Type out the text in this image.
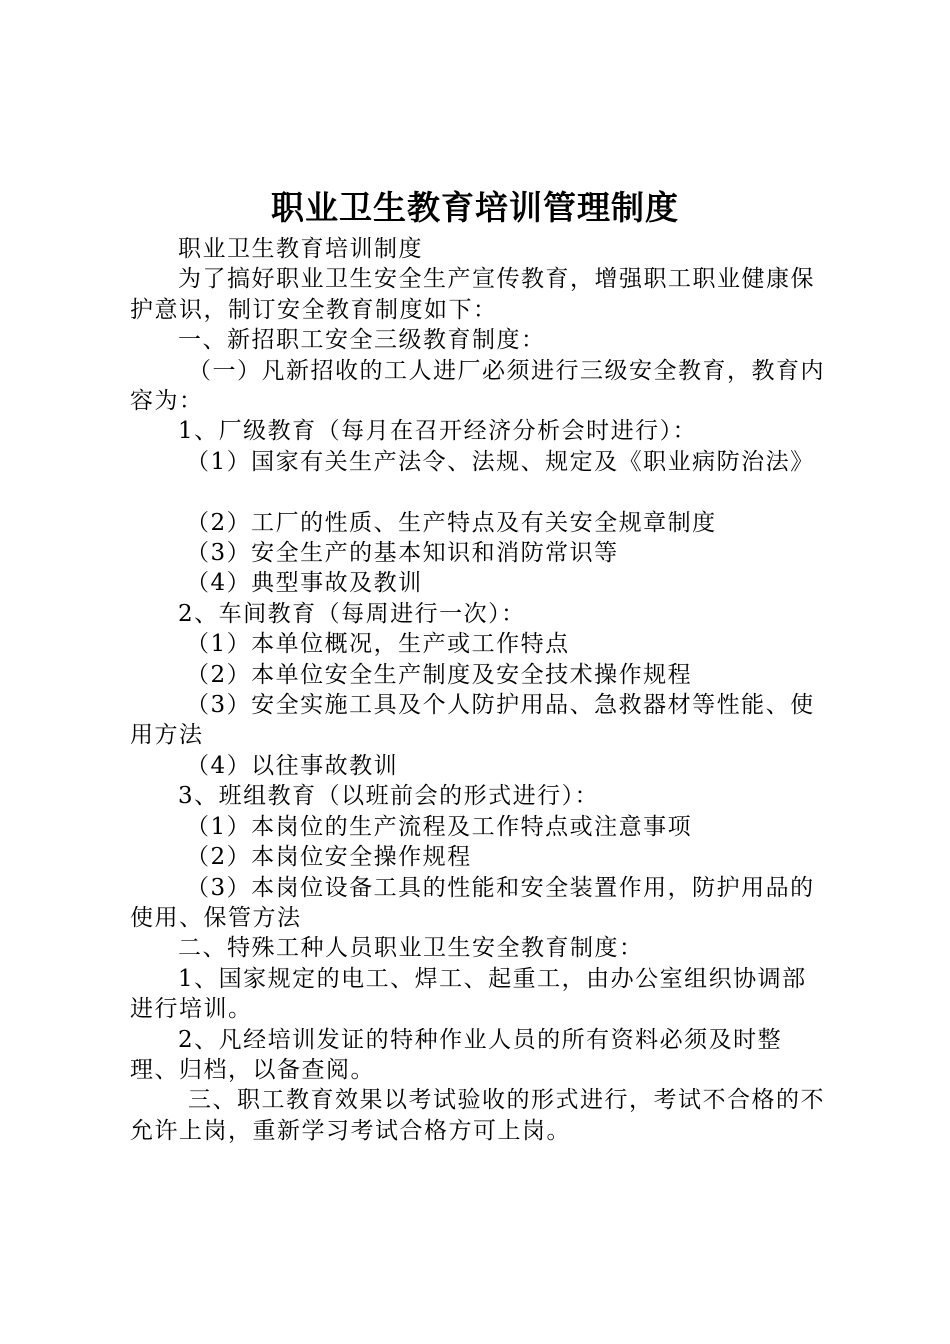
职业卫生教育培训管理制度

职业卫生教育培训制度

为了搞好职业卫生安全生产宣传教育，增强职工职业健康保护意识，制订安全教育制度如下：

一、新招职工安全三级教育制度：

（一）凡新招收的工人进厂必须进行三级安全教育，教育内容为：

1、厂级教育（每月在召开经济分析会时进行）：

（1）国家有关生产法令、法规、规定及《职业病防治法》

（2）工厂的性质、生产特点及有关安全规章制度

（3）安全生产的基本知识和消防常识等

（4）典型事故及教训

2、车间教育（每周进行一次）：

（1）本单位概况，生产或工作特点

（2）本单位安全生产制度及安全技术操作规程

（3）安全实施工具及个人防护用品、急救器材等性能、使用方法

（4）以往事故教训

3、班组教育（以班前会的形式进行）：

（1）本岗位的生产流程及工作特点或注意事项

（2）本岗位安全操作规程

（3）本岗位设备工具的性能和安全装置作用，防护用品的使用、保管方法

二、特殊工种人员职业卫生安全教育制度：

1、国家规定的电工、焊工、起重工，由办公室组织协调部进行培训。

2、凡经培训发证的特种作业人员的所有资料必须及时整理、归档，以备查阅。

三、职工教育效果以考试验收的形式进行，考试不合格的不允许上岗，重新学习考试合格方可上岗。
